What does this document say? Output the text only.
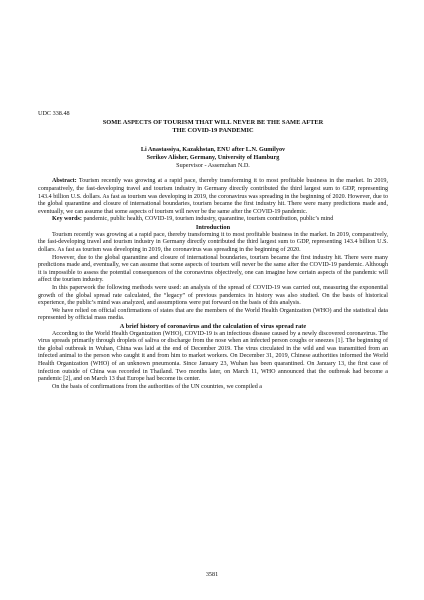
UDC 338.48
SOME ASPECTS OF TOURISM THAT WILL NEVER BE THE SAME AFTER
THE COVID-19 PANDEMIC
Li Anastassiya, Kazakhstan, ENU after L.N. Gumilyov
Serikov Alisher, Germany, University of Hamburg
Supervisor - Assemzhan N.D.
Abstract: Tourism recently was growing at a rapid pace, thereby transforming it to most profitable business in the market. In 2019, comparatively, the fast-developing travel and tourism industry in Germany directly contributed the third largest sum to GDP, representing 143.4 billion U.S. dollars. As fast as tourism was developing in 2019, the coronavirus was spreading in the beginning of 2020. However, due to the global quarantine and closure of international boundaries, tourism became the first industry hit. There were many predictions made and, eventually, we can assume that some aspects of tourism will never be the same after the COVID-19 pandemic.
Key words: pandemic, public health, COVID-19, tourism industry, quarantine, tourism contribution, public’s mind
Introduction

Tourism recently was growing at a rapid pace, thereby transforming it to most profitable business in the market. In 2019, comparatively, the fast-developing travel and tourism industry in Germany directly contributed the third largest sum to GDP, representing 143.4 billion U.S. dollars. As fast as tourism was developing in 2019, the coronavirus was spreading in the beginning of 2020.

However, due to the global quarantine and closure of international boundaries, tourism became the first industry hit. There were many predictions made and, eventually, we can assume that some aspects of tourism will never be the same after the COVID-19 pandemic. Although it is impossible to assess the potential consequences of the coronavirus objectively, one can imagine how certain aspects of the pandemic will affect the tourism industry.

In this paperwork the following methods were used: an analysis of the spread of COVID-19 was carried out, measuring the exponential growth of the global spread rate calculated, the “legacy” of previous pandemics in history was also studied. On the basis of historical experience, the public’s mind was analyzed, and assumptions were put forward on the basis of this analysis.

We have relied on official confirmations of states that are the members of the World Health Organization (WHO) and the statistical data represented by official mass media.

A brief history of coronavirus and the calculation of virus spread rate

According to the World Health Organization (WHO), COVID-19 is an infectious disease caused by a newly discovered coronavirus. The virus spreads primarily through droplets of saliva or discharge from the nose when an infected person coughs or sneezes [1]. The beginning of the global outbreak in Wuhan, China was laid at the end of December 2019. The virus circulated in the wild and was transmitted from an infected animal to the person who caught it and from him to market workers. On December 31, 2019, Chinese authorities informed the World Health Organization (WHO) of an unknown pneumonia. Since January 23, Wuhan has been quarantined. On January 13, the first case of infection outside of China was recorded in Thailand. Two months later, on March 11, WHO announced that the outbreak had become a pandemic [2], and on March 13 that Europe had become its center.

On the basis of confirmations from the authorities of the UN countries, we compiled a

3581
